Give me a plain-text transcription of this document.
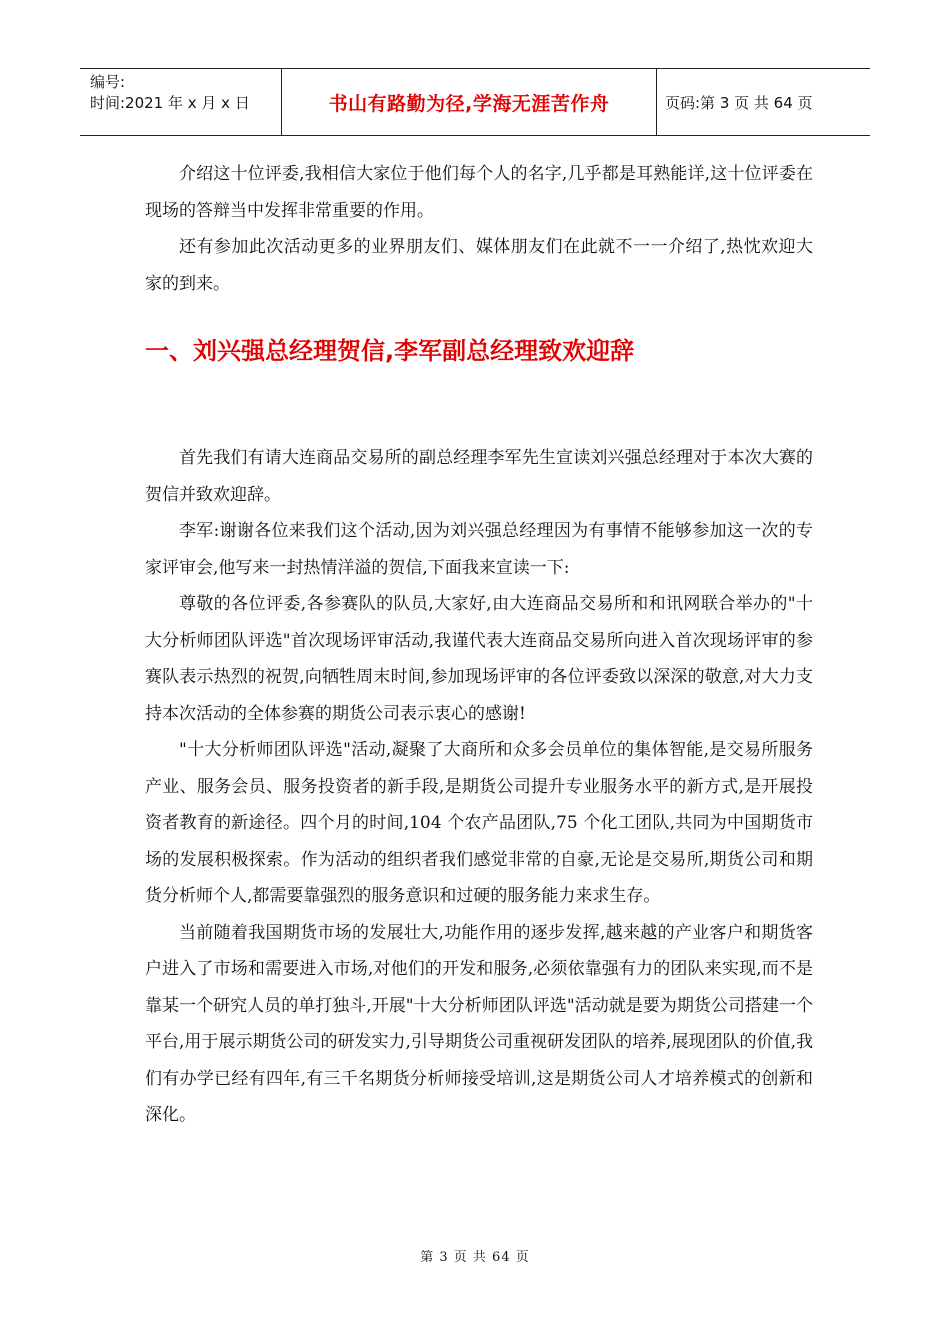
编号:
时间:2021 年 x 月 x 日	书山有路勤为径,学海无涯苦作舟	页码:第 3 页 共 64 页

介绍这十位评委,我相信大家位于他们每个人的名字,几乎都是耳熟能详,这十位评委在现场的答辩当中发挥非常重要的作用。

还有参加此次活动更多的业界朋友们、媒体朋友们在此就不一一介绍了,热忱欢迎大家的到来。

一、刘兴强总经理贺信,李军副总经理致欢迎辞

首先我们有请大连商品交易所的副总经理李军先生宣读刘兴强总经理对于本次大赛的贺信并致欢迎辞。

李军:谢谢各位来我们这个活动,因为刘兴强总经理因为有事情不能够参加这一次的专家评审会,他写来一封热情洋溢的贺信,下面我来宣读一下:

尊敬的各位评委,各参赛队的队员,大家好,由大连商品交易所和和讯网联合举办的"十大分析师团队评选"首次现场评审活动,我谨代表大连商品交易所向进入首次现场评审的参赛队表示热烈的祝贺,向牺牲周末时间,参加现场评审的各位评委致以深深的敬意,对大力支持本次活动的全体参赛的期货公司表示衷心的感谢!

"十大分析师团队评选"活动,凝聚了大商所和众多会员单位的集体智能,是交易所服务产业、服务会员、服务投资者的新手段,是期货公司提升专业服务水平的新方式,是开展投资者教育的新途径。四个月的时间,104 个农产品团队,75 个化工团队,共同为中国期货市场的发展积极探索。作为活动的组织者我们感觉非常的自豪,无论是交易所,期货公司和期货分析师个人,都需要靠强烈的服务意识和过硬的服务能力来求生存。

当前随着我国期货市场的发展壮大,功能作用的逐步发挥,越来越的产业客户和期货客户进入了市场和需要进入市场,对他们的开发和服务,必须依靠强有力的团队来实现,而不是靠某一个研究人员的单打独斗,开展"十大分析师团队评选"活动就是要为期货公司搭建一个平台,用于展示期货公司的研发实力,引导期货公司重视研发团队的培养,展现团队的价值,我们有办学已经有四年,有三千名期货分析师接受培训,这是期货公司人才培养模式的创新和深化。

第 3 页 共 64 页
